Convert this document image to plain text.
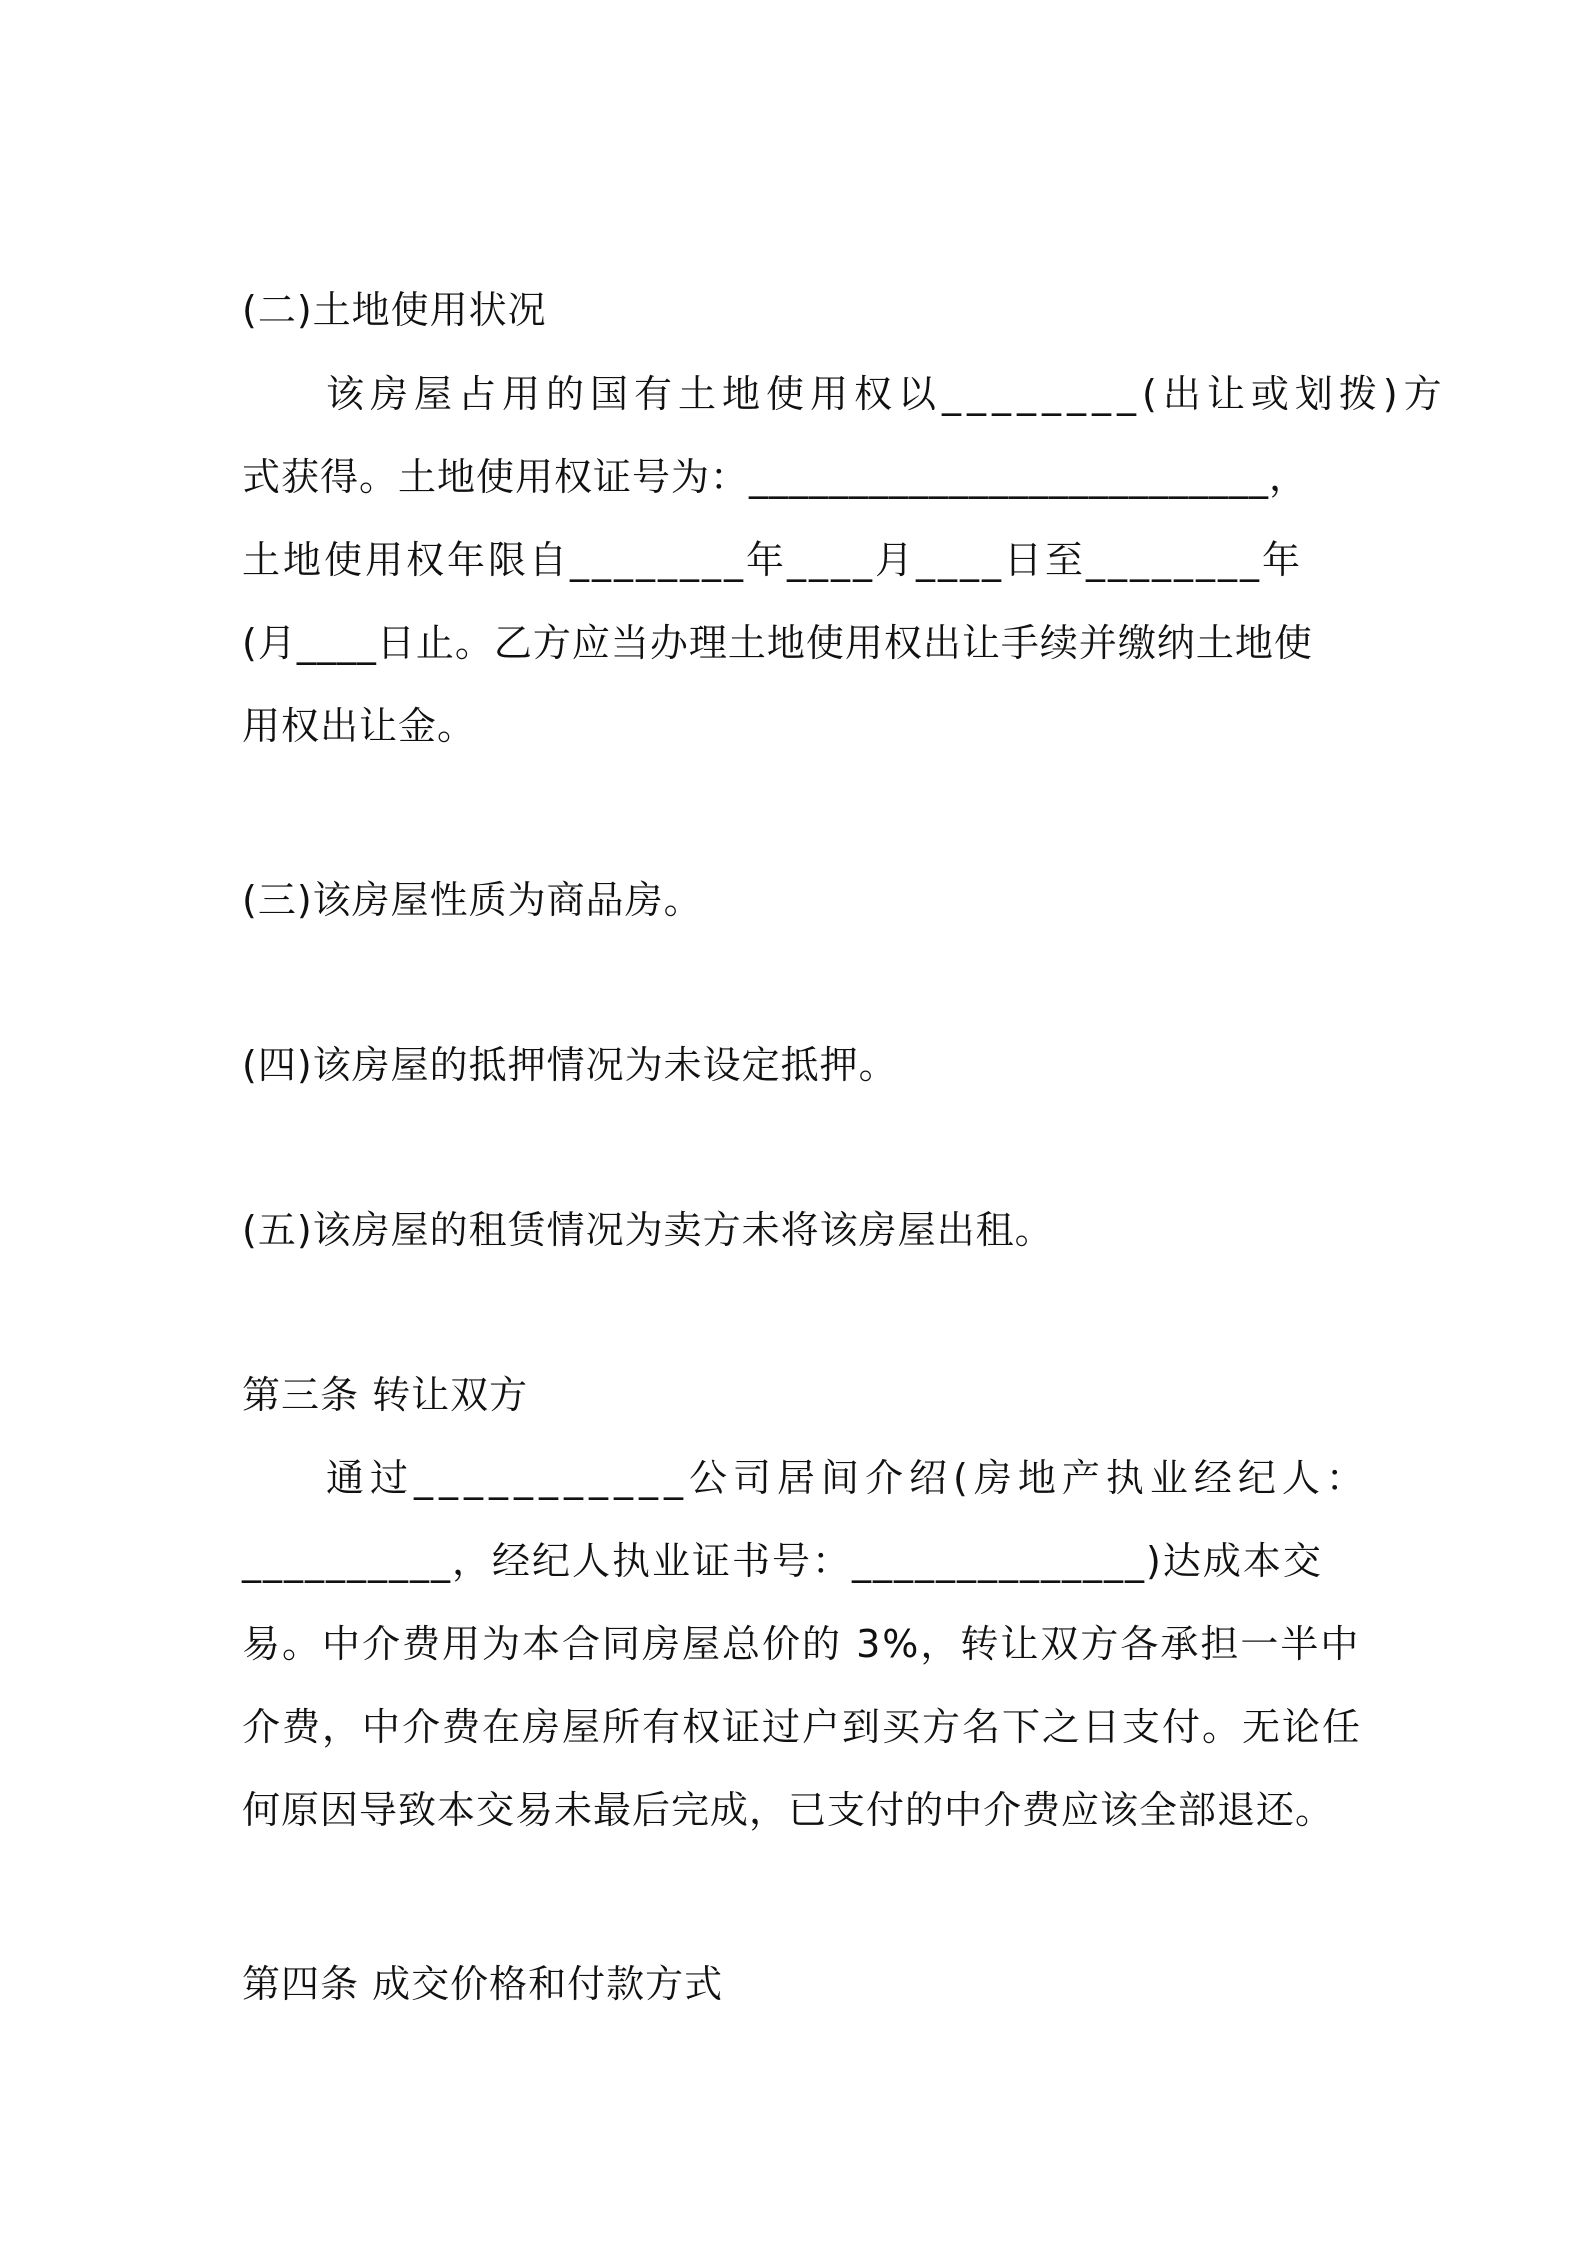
(二)土地使用状况
该房屋占用的国有土地使用权以________(出让或划拨)方
式获得。土地使用权证号为：__________________________，
土地使用权年限自________年____月____日至________年
(月____日止。乙方应当办理土地使用权出让手续并缴纳土地使
用权出让金。
(三)该房屋性质为商品房。
(四)该房屋的抵押情况为未设定抵押。
(五)该房屋的租赁情况为卖方未将该房屋出租。
第三条 转让双方
通过___________公司居间介绍(房地产执业经纪人：
__________，经纪人执业证书号：______________)达成本交
易。中介费用为本合同房屋总价的 3%，转让双方各承担一半中
介费，中介费在房屋所有权证过户到买方名下之日支付。无论任
何原因导致本交易未最后完成，已支付的中介费应该全部退还。
第四条 成交价格和付款方式
